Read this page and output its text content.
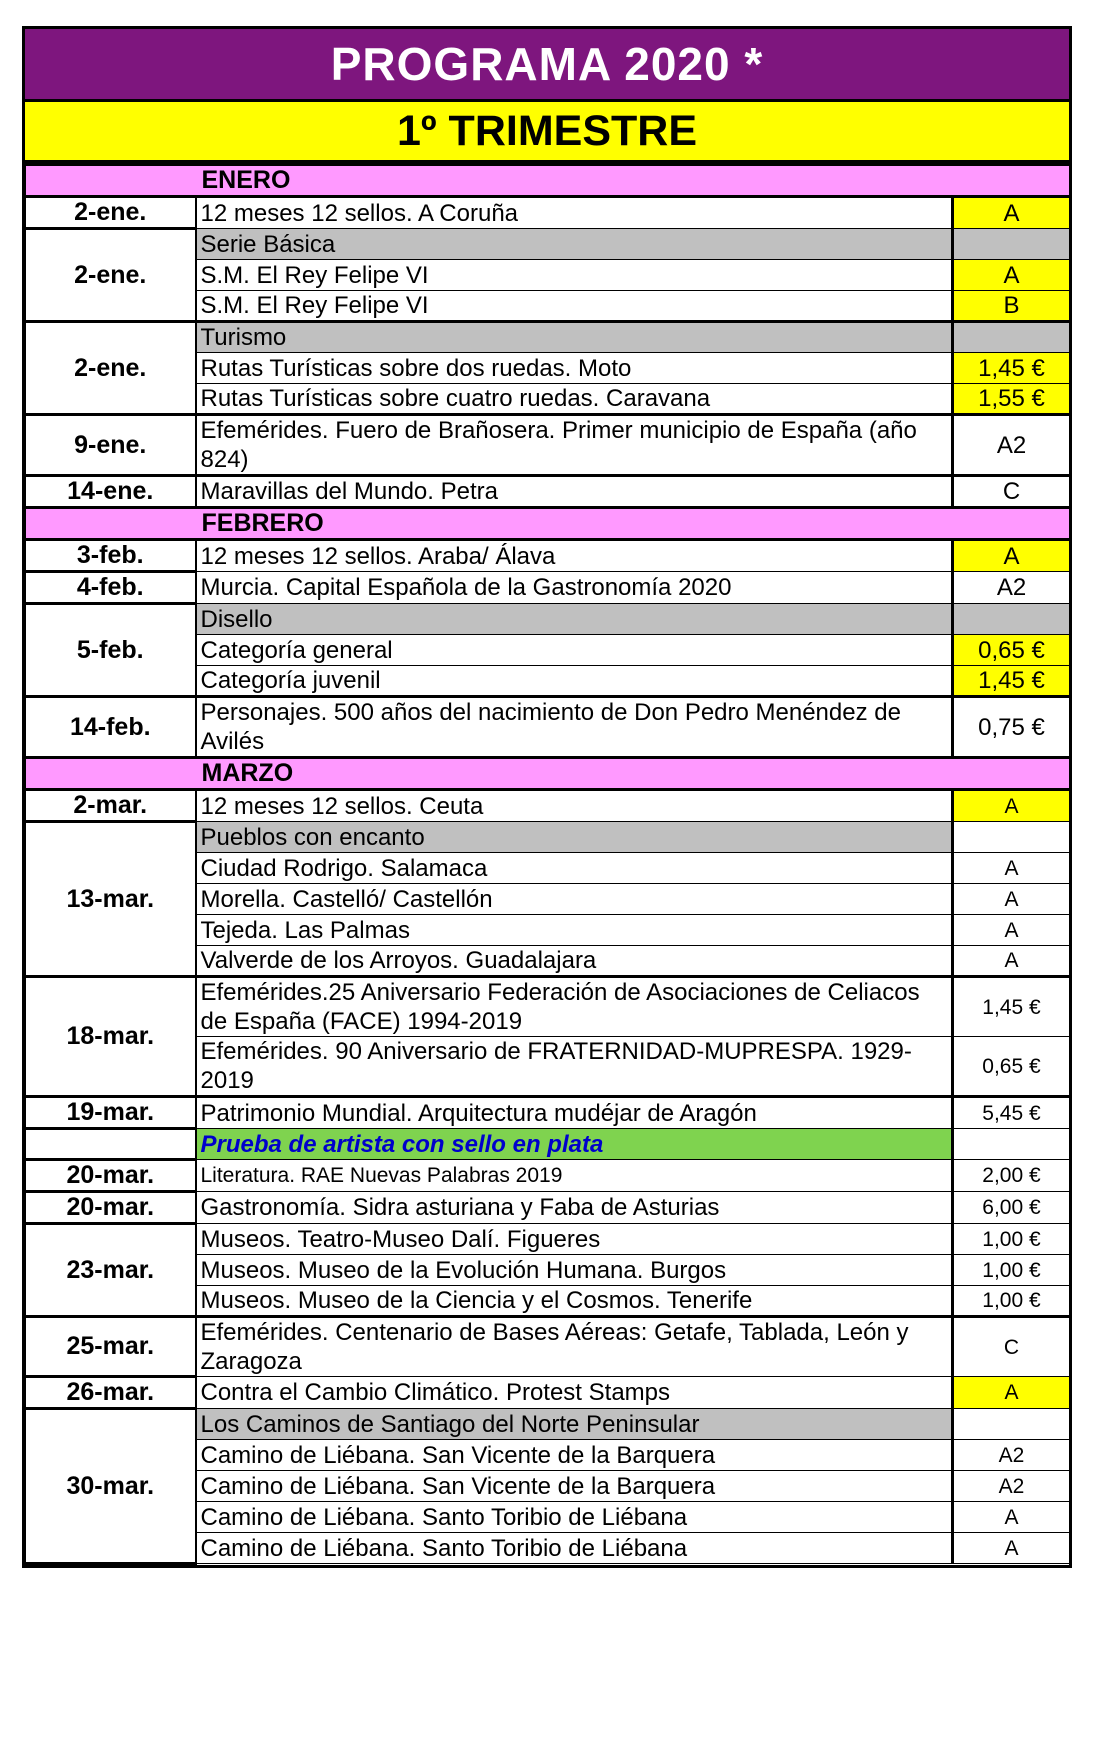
PROGRAMA 2020 *
1º TRIMESTRE
	ENERO	
2-ene.	12 meses 12 sellos. A Coruña	A
2-ene.	Serie Básica	
	S.M. El Rey Felipe VI	A
	S.M. El Rey Felipe VI	B
2-ene.	Turismo	
	Rutas Turísticas sobre dos ruedas. Moto	1,45 €
	Rutas Turísticas sobre cuatro ruedas. Caravana	1,55 €
9-ene.	Efemérides. Fuero de Brañosera. Primer municipio de España (año 824)	A2
14-ene.	Maravillas del Mundo. Petra	C
	FEBRERO	
3-feb.	12 meses 12 sellos. Araba/ Álava	A
4-feb.	Murcia. Capital Española de la Gastronomía 2020	A2
5-feb.	Disello	
	Categoría general	0,65 €
	Categoría juvenil	1,45 €
14-feb.	Personajes. 500 años del nacimiento de Don Pedro Menéndez de Avilés	0,75 €
	MARZO	
2-mar.	12 meses 12 sellos. Ceuta	A
13-mar.	Pueblos con encanto	
	Ciudad Rodrigo. Salamaca	A
	Morella. Castelló/ Castellón	A
	Tejeda. Las Palmas	A
	Valverde de los Arroyos. Guadalajara	A
18-mar.	Efemérides.25 Aniversario Federación de Asociaciones de Celiacos de España (FACE) 1994-2019	1,45 €
	Efemérides. 90 Aniversario de FRATERNIDAD-MUPRESPA. 1929-2019	0,65 €
19-mar.	Patrimonio Mundial. Arquitectura mudéjar de Aragón	5,45 €
	Prueba de artista con sello en plata	
20-mar.	Literatura. RAE Nuevas Palabras 2019	2,00 €
20-mar.	Gastronomía. Sidra asturiana y Faba de Asturias	6,00 €
23-mar.	Museos. Teatro-Museo Dalí. Figueres	1,00 €
	Museos. Museo de la Evolución Humana. Burgos	1,00 €
	Museos. Museo de la Ciencia y el Cosmos. Tenerife	1,00 €
25-mar.	Efemérides. Centenario de Bases Aéreas: Getafe, Tablada, León y Zaragoza	C
26-mar.	Contra el Cambio Climático. Protest Stamps	A
30-mar.	Los Caminos de Santiago del Norte Peninsular	
	Camino de Liébana. San Vicente de la Barquera	A2
	Camino de Liébana. San Vicente de la Barquera	A2
	Camino de Liébana. Santo Toribio de Liébana	A
	Camino de Liébana. Santo Toribio de Liébana	A
